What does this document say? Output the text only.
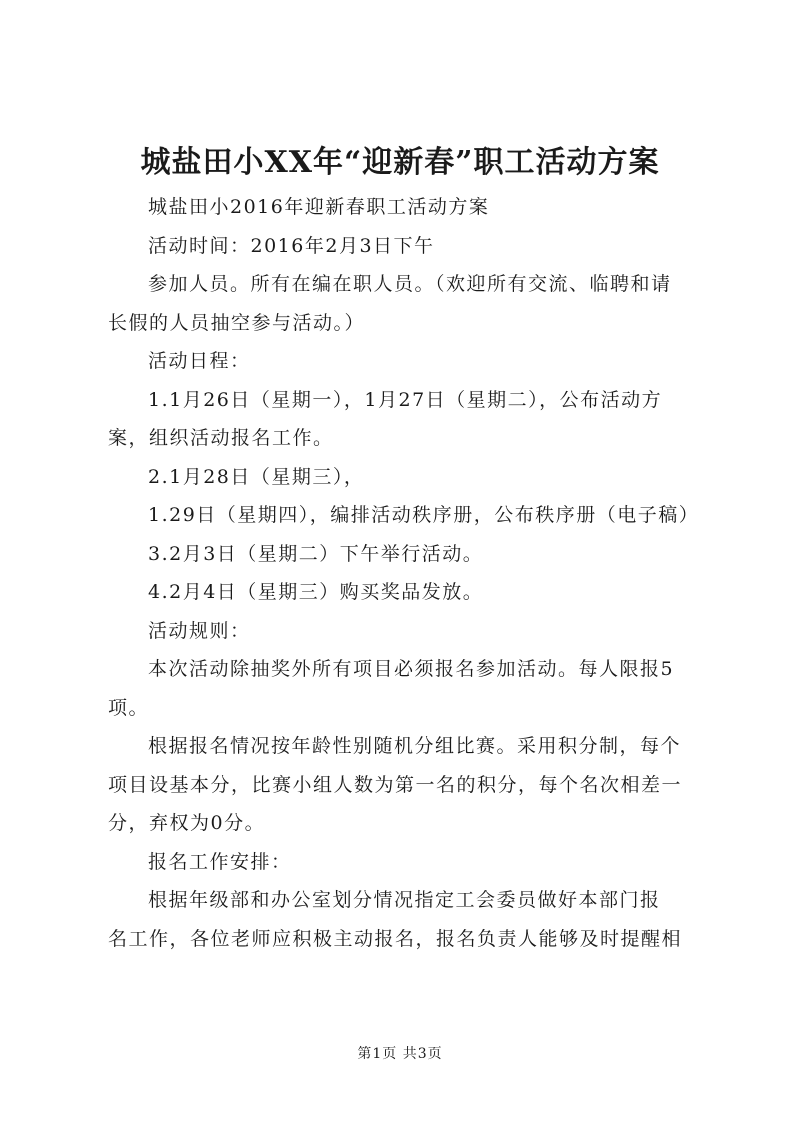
城盐田小XX年“迎新春”职工活动方案
城盐田小2016年迎新春职工活动方案
活动时间：2016年2月3日下午
参加人员。所有在编在职人员。（欢迎所有交流、临聘和请
长假的人员抽空参与活动。）
活动日程：
1.1月26日（星期一），1月27日（星期二），公布活动方
案，组织活动报名工作。
2.1月28日（星期三），
1.29日（星期四），编排活动秩序册，公布秩序册（电子稿）
3.2月3日（星期二）下午举行活动。
4.2月4日（星期三）购买奖品发放。
活动规则：
本次活动除抽奖外所有项目必须报名参加活动。每人限报5
项。
根据报名情况按年龄性别随机分组比赛。采用积分制，每个
项目设基本分，比赛小组人数为第一名的积分，每个名次相差一
分，弃权为0分。
报名工作安排：
根据年级部和办公室划分情况指定工会委员做好本部门报
名工作，各位老师应积极主动报名，报名负责人能够及时提醒相
第1页 共3页
